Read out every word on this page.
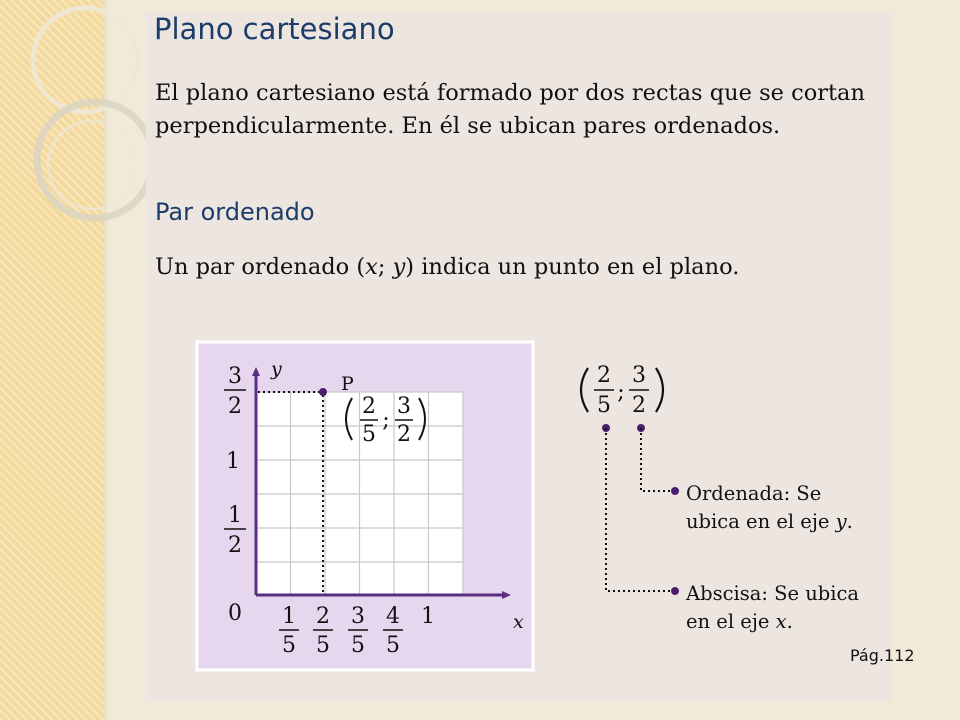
Plano cartesiano

El plano cartesiano está formado por dos rectas que se cortan perpendicularmente. En él se ubican pares ordenados.

Par ordenado

Un par ordenado (x; y) indica un punto en el plano.

x
y
0 1
5
2
5
3
5
4
5
1
3
2
1
1
2
P
2
5
;
3
2
2
5
;
3
2

Ordenada: Se
ubica en el eje y.

Abscisa: Se ubica
en el eje x.

Pág.112
